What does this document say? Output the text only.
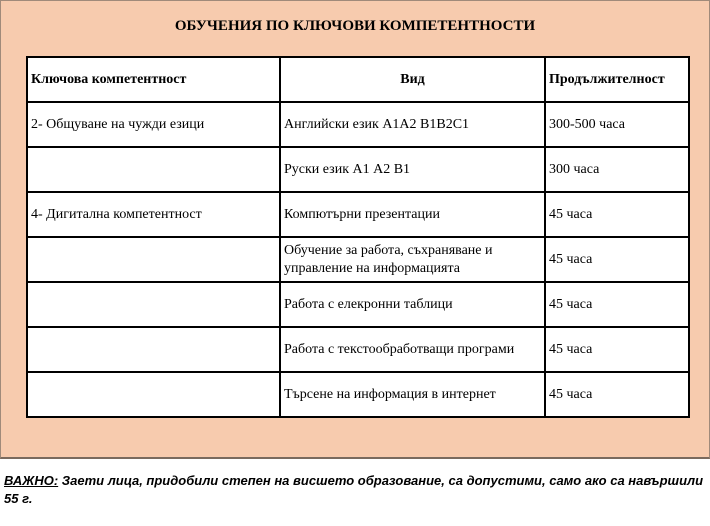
ОБУЧЕНИЯ ПО КЛЮЧОВИ КОМПЕТЕНТНОСТИ
Ключова компетентност	Вид	Продължителност
2- Общуване на чужди езици	Английски език А1А2 В1В2С1	300-500 часа
	Руски език А1 А2 В1	300 часа
4- Дигитална компетентност	Компютърни презентации	45 часа
	Обучение за работа, съхраняване и управление на информацията	45 часа
	Работа с елекронни таблици	45 часа
	Работа с текстообработващи програми	45 часа
	Търсене на информация в интернет	45 часа
ВАЖНО: Заети лица, придобили степен на висшето образование, са допустими, само ако са навършили 55 г.
